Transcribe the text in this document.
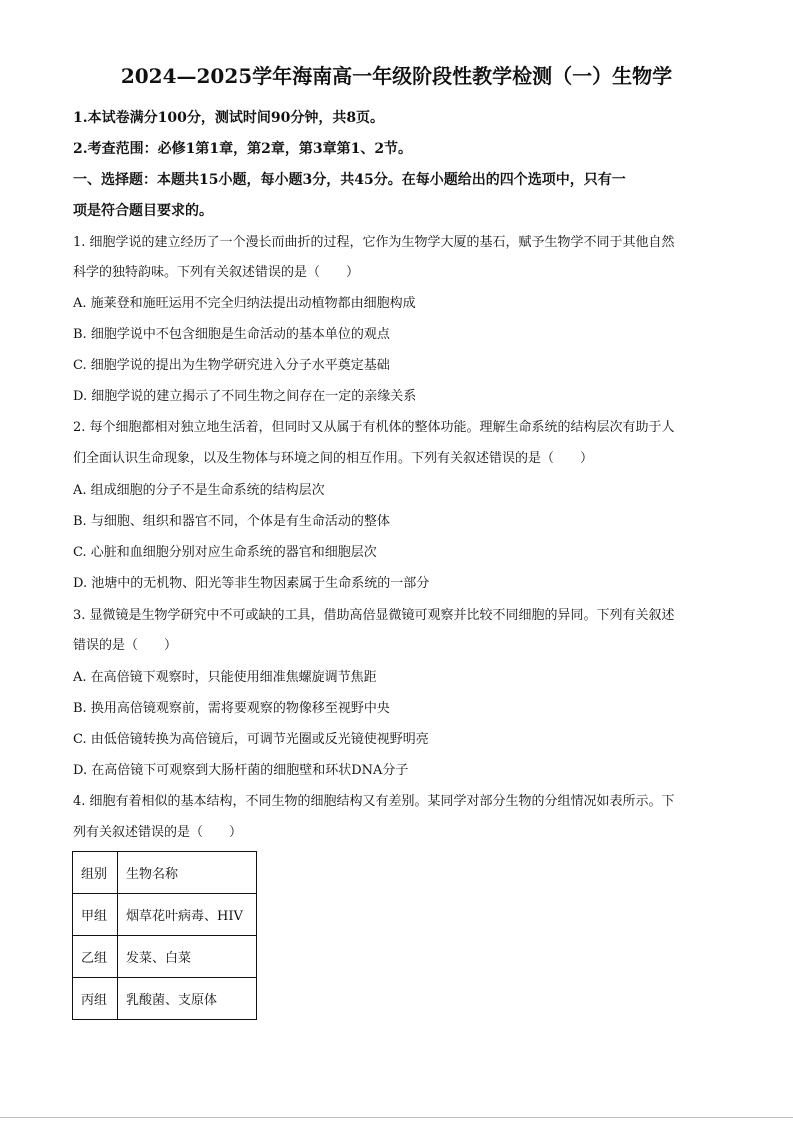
2024—2025学年海南高一年级阶段性教学检测（一）生物学
1.本试卷满分100分，测试时间90分钟，共8页。
2.考查范围：必修1第1章，第2章，第3章第1、2节。
一、选择题：本题共15小题，每小题3分，共45分。在每小题给出的四个选项中，只有一
项是符合题目要求的。
1. 细胞学说的建立经历了一个漫长而曲折的过程，它作为生物学大厦的基石，赋予生物学不同于其他自然
科学的独特韵味。下列有关叙述错误的是（　　）
A. 施莱登和施旺运用不完全归纳法提出动植物都由细胞构成
B. 细胞学说中不包含细胞是生命活动的基本单位的观点
C. 细胞学说的提出为生物学研究进入分子水平奠定基础
D. 细胞学说的建立揭示了不同生物之间存在一定的亲缘关系
2. 每个细胞都相对独立地生活着，但同时又从属于有机体的整体功能。理解生命系统的结构层次有助于人
们全面认识生命现象，以及生物体与环境之间的相互作用。下列有关叙述错误的是（　　）
A. 组成细胞的分子不是生命系统的结构层次
B. 与细胞、组织和器官不同，个体是有生命活动的整体
C. 心脏和血细胞分别对应生命系统的器官和细胞层次
D. 池塘中的无机物、阳光等非生物因素属于生命系统的一部分
3. 显微镜是生物学研究中不可或缺的工具，借助高倍显微镜可观察并比较不同细胞的异同。下列有关叙述
错误的是（　　）
A. 在高倍镜下观察时，只能使用细准焦螺旋调节焦距
B. 换用高倍镜观察前，需将要观察的物像移至视野中央
C. 由低倍镜转换为高倍镜后，可调节光圈或反光镜使视野明亮
D. 在高倍镜下可观察到大肠杆菌的细胞壁和环状DNA分子
4. 细胞有着相似的基本结构，不同生物的细胞结构又有差别。某同学对部分生物的分组情况如表所示。下
列有关叙述错误的是（　　）
组别	生物名称
甲组	烟草花叶病毒、HIV
乙组	发菜、白菜
丙组	乳酸菌、支原体
